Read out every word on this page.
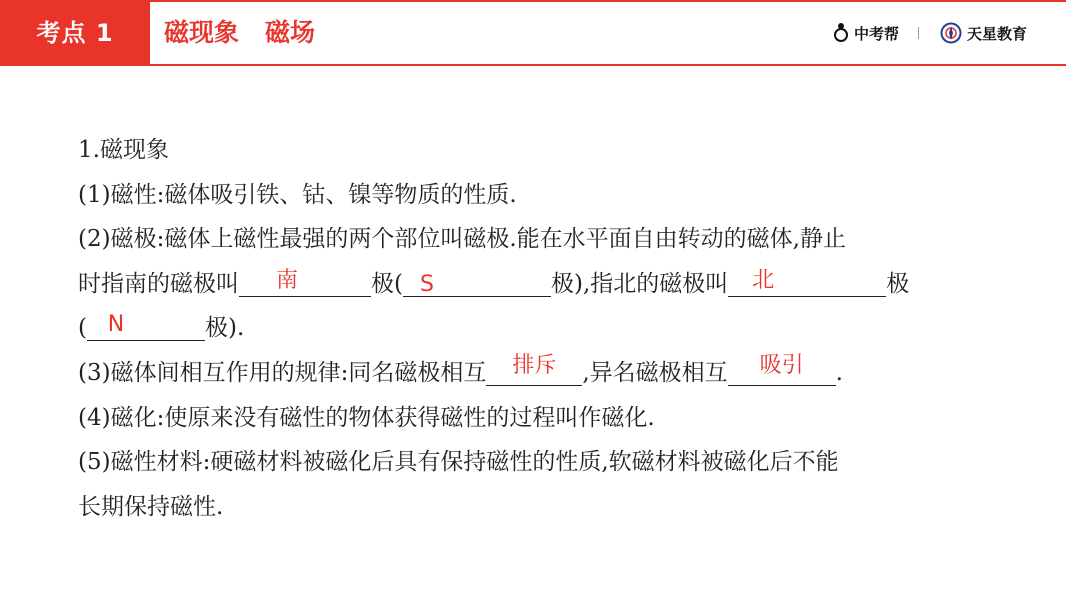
考点 1	磁现象 磁场	中考帮	天星教育
1.磁现象
(1)磁性:磁体吸引铁、钴、镍等物质的性质.
(2)磁极:磁体上磁性最强的两个部位叫磁极.能在水平面自由转动的磁体,静止
时指南的磁极叫	南	极( S	极),指北的磁极叫	北	极
( N	极).
(3)磁体间相互作用的规律:同名磁极相互	排斥	,异名磁极相互	吸引	.
(4)磁化:使原来没有磁性的物体获得磁性的过程叫作磁化.
(5)磁性材料:硬磁材料被磁化后具有保持磁性的性质,软磁材料被磁化后不能
长期保持磁性.
